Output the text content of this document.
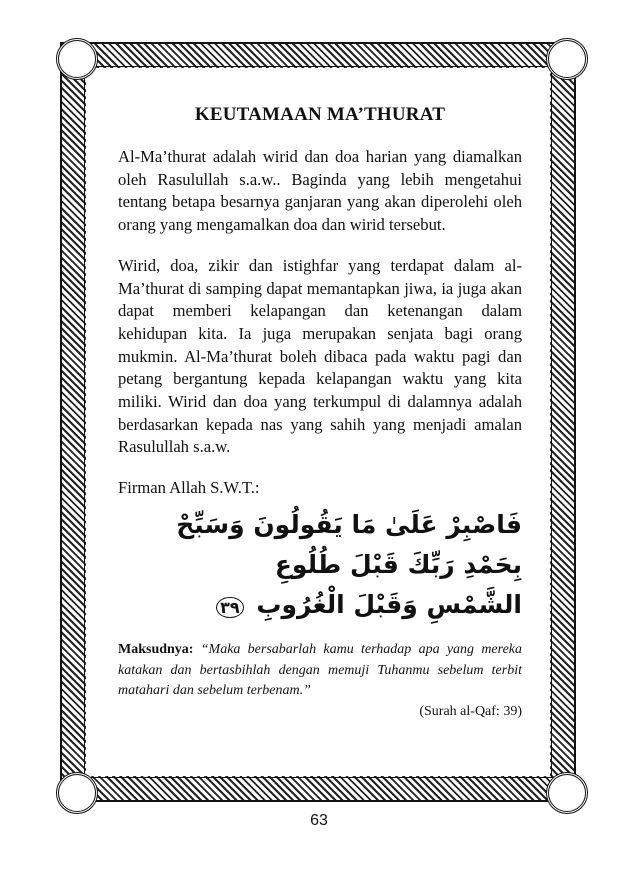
KEUTAMAAN MA’THURAT

Al-Ma’thurat adalah wirid dan doa harian yang diamalkan oleh Rasulullah s.a.w.. Baginda yang lebih mengetahui tentang betapa besarnya ganjaran yang akan diperolehi oleh orang yang mengamalkan doa dan wirid tersebut.

Wirid, doa, zikir dan istighfar yang terdapat dalam al-Ma’thurat di samping dapat memantapkan jiwa, ia juga akan dapat memberi kelapangan dan ketenangan dalam kehidupan kita. Ia juga merupakan senjata bagi orang mukmin. Al-Ma’thurat boleh dibaca pada waktu pagi dan petang bergantung kepada kelapangan waktu yang kita miliki. Wirid dan doa yang terkumpul di dalamnya adalah berdasarkan kepada nas yang sahih yang menjadi amalan Rasulullah s.a.w.

Firman Allah S.W.T.:

فَاصْبِرْ عَلَىٰ مَا يَقُولُونَ وَسَبِّحْ بِحَمْدِ رَبِّكَ قَبْلَ طُلُوعِ

الشَّمْسِ وَقَبْلَ الْغُرُوبِ ٣٩

Maksudnya: “Maka bersabarlah kamu terhadap apa yang mereka katakan dan bertasbihlah dengan memuji Tuhanmu sebelum terbit matahari dan sebelum terbenam.”
(Surah al-Qaf: 39)
63
